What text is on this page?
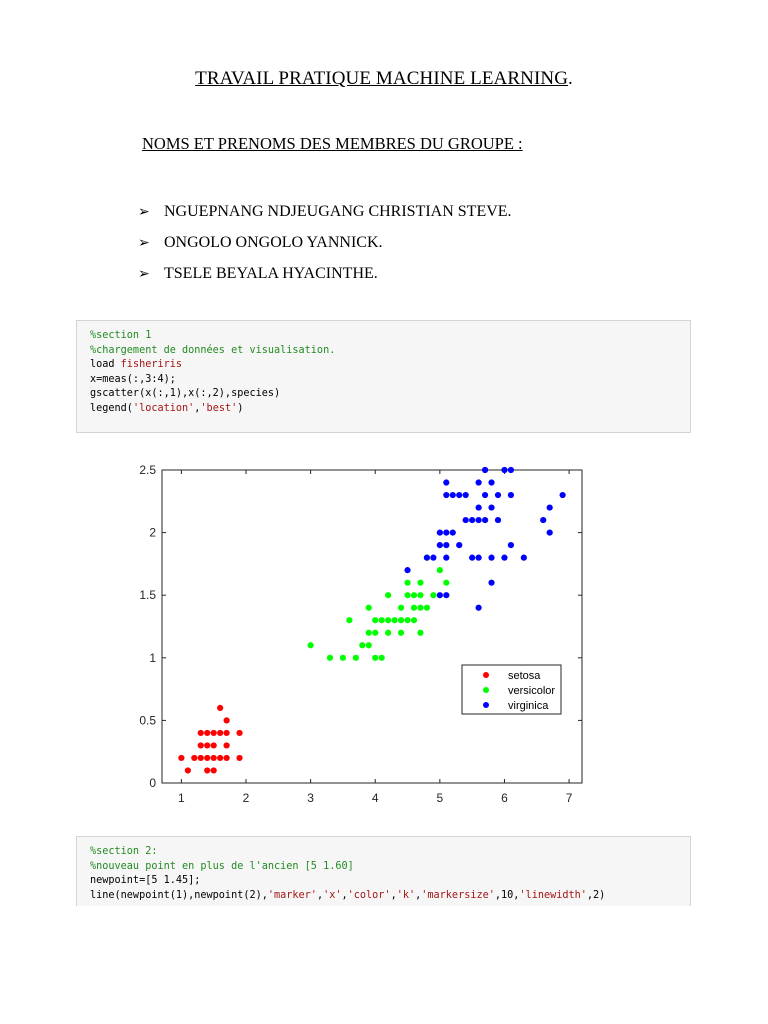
TRAVAIL PRATIQUE MACHINE LEARNING.
NOMS ET PRENOMS DES MEMBRES DU GROUPE :
➢ NGUEPNANG NDJEUGANG CHRISTIAN STEVE.
➢ ONGOLO ONGOLO YANNICK.
➢ TSELE BEYALA HYACINTHE.
%section 1
%chargement de données et visualisation.
load fisheriris
x=meas(:,3:4);
gscatter(x(:,1),x(:,2),species)
legend('location','best')
1	2	3	4	5	6	7
0
0.5
1
1.5
2
2.5
setosa
versicolor
virginica
%section 2:
%nouveau point en plus de l'ancien [5 1.60]
newpoint=[5 1.45];
line(newpoint(1),newpoint(2),'marker','x','color','k','markersize',10,'linewidth',2)
